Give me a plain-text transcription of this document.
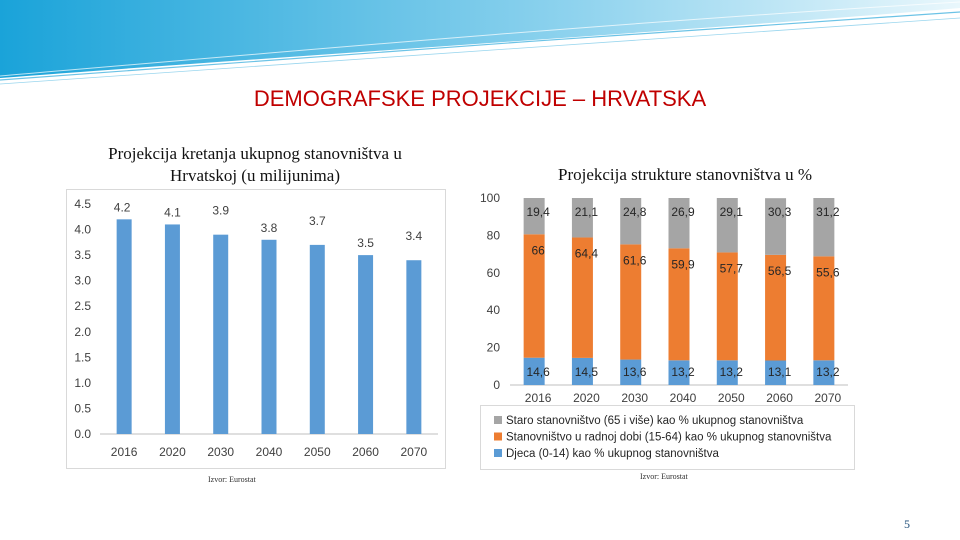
DEMOGRAFSKE PROJEKCIJE – HRVATSKA
Projekcija kretanja ukupnog stanovništva u
Hrvatskoj (u milijunima)	Projekcija strukture stanovništva u %
0.0
0.5
1.0
1.5
2.0
2.5
3.0
3.5
4.0
4.5
2016
4.2
2020
4.1
2030
3.9
2040
3.8
2050
3.7
2060
3.5
2070
3.4
0
20
40
60
80
100
14,6
66
19,4
2016
14,5
64,4
21,1
2020
13,6
61,6
24,8
2030
13,2
59,9
26,9
2040
13,2
57,7
29,1
2050
13,1
56,5
30,3
2060
13,2
55,6
31,2
2070
Staro stanovništvo (65 i više) kao % ukupnog stanovništva
Stanovništvo u radnoj dobi (15-64) kao % ukupnog stanovništva
Djeca (0-14) kao % ukupnog stanovništva
Izvor: Eurostat	Izvor: Eurostat
5
